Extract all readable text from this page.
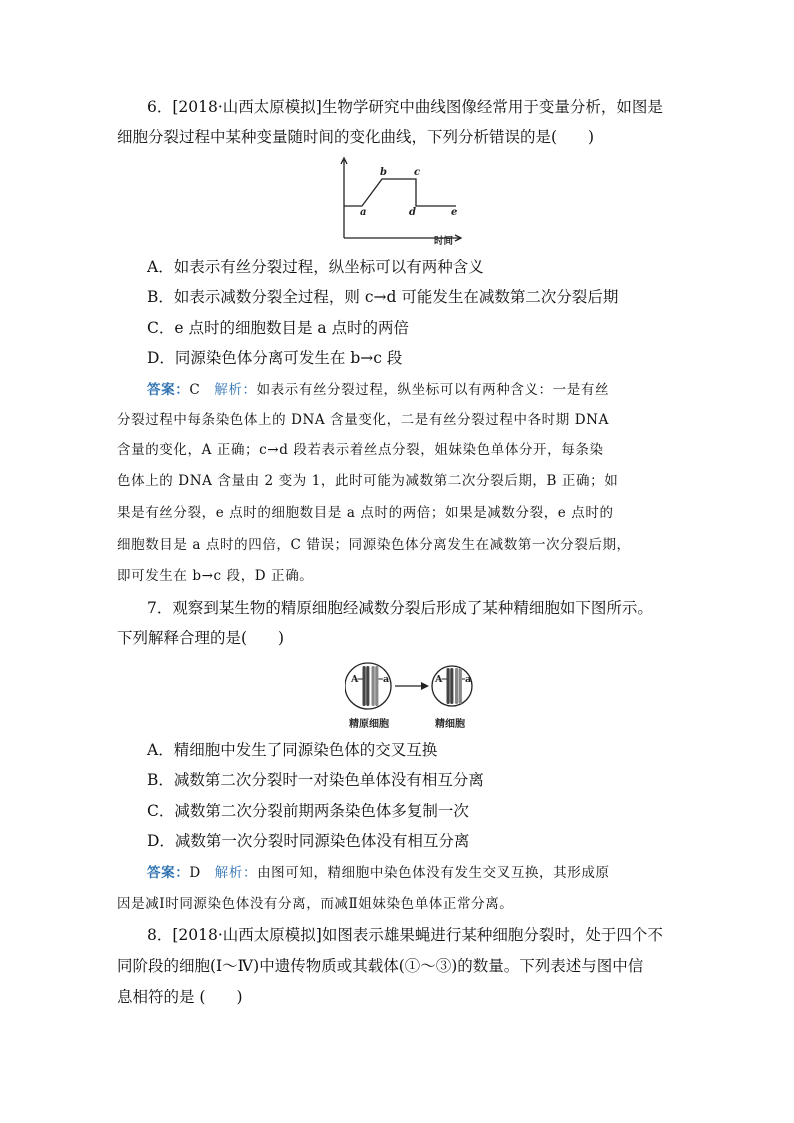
6．[2018·山西太原模拟]生物学研究中曲线图像经常用于变量分析，如图是
细胞分裂过程中某种变量随时间的变化曲线，下列分析错误的是(　　)
a
b	c
d	e
时间
A．如表示有丝分裂过程，纵坐标可以有两种含义
B．如表示减数分裂全过程，则 c→d 可能发生在减数第二次分裂后期
C．e 点时的细胞数目是 a 点时的两倍
D．同源染色体分离可发生在 b→c 段
答案：C 解析：如表示有丝分裂过程，纵坐标可以有两种含义：一是有丝
分裂过程中每条染色体上的 DNA 含量变化，二是有丝分裂过程中各时期 DNA
含量的变化，A 正确；c→d 段若表示着丝点分裂，姐妹染色单体分开，每条染
色体上的 DNA 含量由 2 变为 1，此时可能为减数第二次分裂后期，B 正确；如
果是有丝分裂，e 点时的细胞数目是 a 点时的两倍；如果是减数分裂，e 点时的
细胞数目是 a 点时的四倍，C 错误；同源染色体分离发生在减数第一次分裂后期，
即可发生在 b→c 段，D 正确。
7．观察到某生物的精原细胞经减数分裂后形成了某种精细胞如下图所示。
下列解释合理的是(　　)
A	a	A a
精原细胞	精细胞
A．精细胞中发生了同源染色体的交叉互换
B．减数第二次分裂时一对染色单体没有相互分离
C．减数第二次分裂前期两条染色体多复制一次
D．减数第一次分裂时同源染色体没有相互分离
答案：D 解析：由图可知，精细胞中染色体没有发生交叉互换，其形成原
因是减Ⅰ时同源染色体没有分离，而减Ⅱ姐妹染色单体正常分离。
8．[2018·山西太原模拟]如图表示雄果蝇进行某种细胞分裂时，处于四个不
同阶段的细胞(Ⅰ～Ⅳ)中遗传物质或其载体(①～③)的数量。下列表述与图中信
息相符的是 (　　)
